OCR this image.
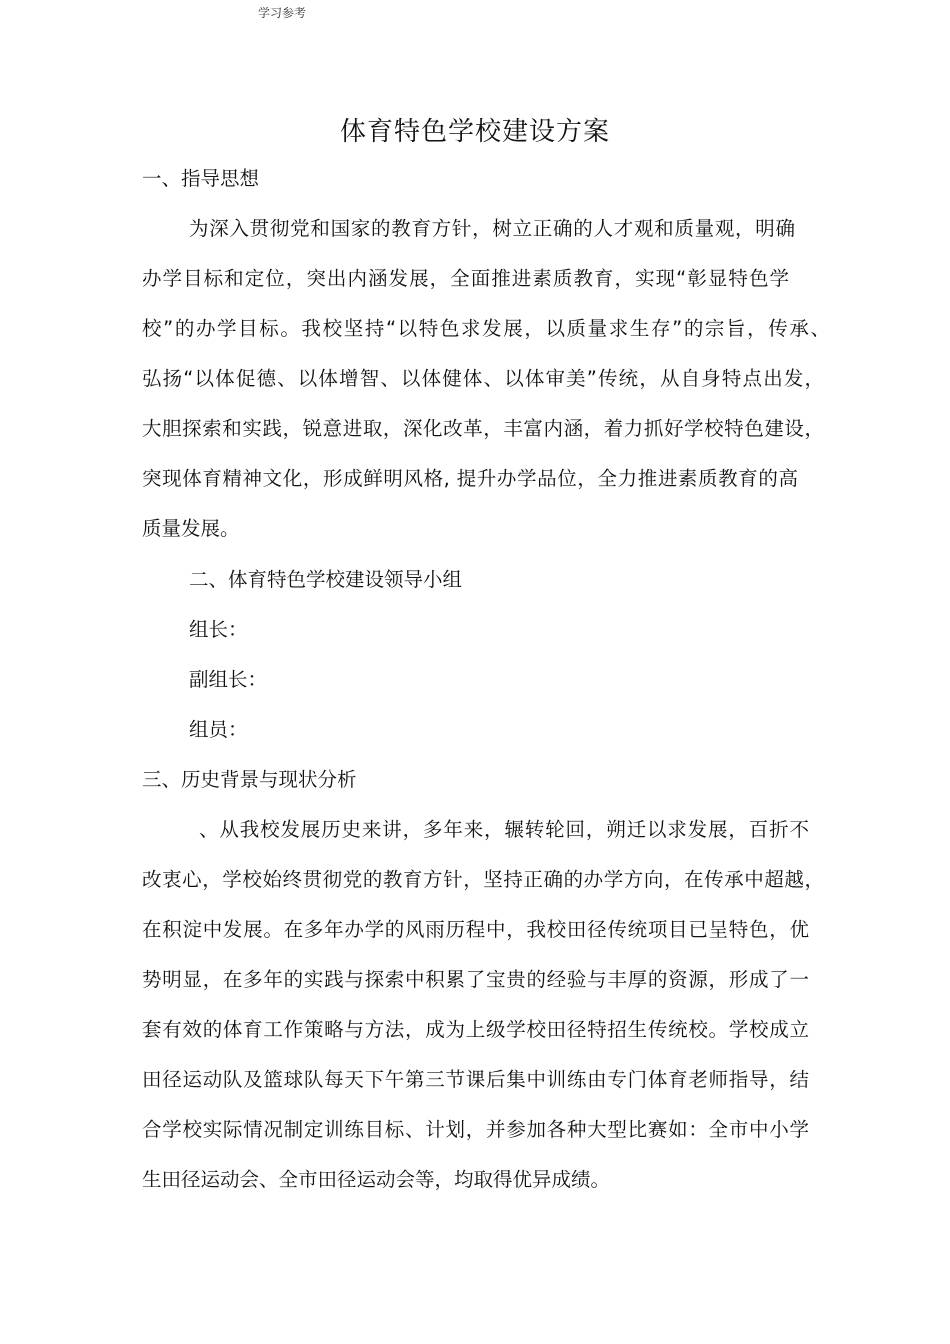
学习参考
体育特色学校建设方案
一、指导思想
为深入贯彻党和国家的教育方针，树立正确的人才观和质量观，明确
办学目标和定位，突出内涵发展，全面推进素质教育，实现“彰显特色学
校”的办学目标。我校坚持“以特色求发展，以质量求生存”的宗旨，传承、
弘扬“以体促德、以体增智、以体健体、以体审美”传统，从自身特点出发，
大胆探索和实践，锐意进取，深化改革，丰富内涵，着力抓好学校特色建设，
突现体育精神文化，形成鲜明风格, 提升办学品位，全力推进素质教育的高
质量发展。
二、体育特色学校建设领导小组
组长：
副组长：
组员：
三、历史背景与现状分析
、从我校发展历史来讲，多年来，辗转轮回，朔迁以求发展，百折不
改衷心，学校始终贯彻党的教育方针，坚持正确的办学方向，在传承中超越，
在积淀中发展。在多年办学的风雨历程中，我校田径传统项目已呈特色，优
势明显，在多年的实践与探索中积累了宝贵的经验与丰厚的资源，形成了一
套有效的体育工作策略与方法，成为上级学校田径特招生传统校。学校成立
田径运动队及篮球队每天下午第三节课后集中训练由专门体育老师指导，结
合学校实际情况制定训练目标、计划，并参加各种大型比赛如：全市中小学
生田径运动会、全市田径运动会等，均取得优异成绩。
